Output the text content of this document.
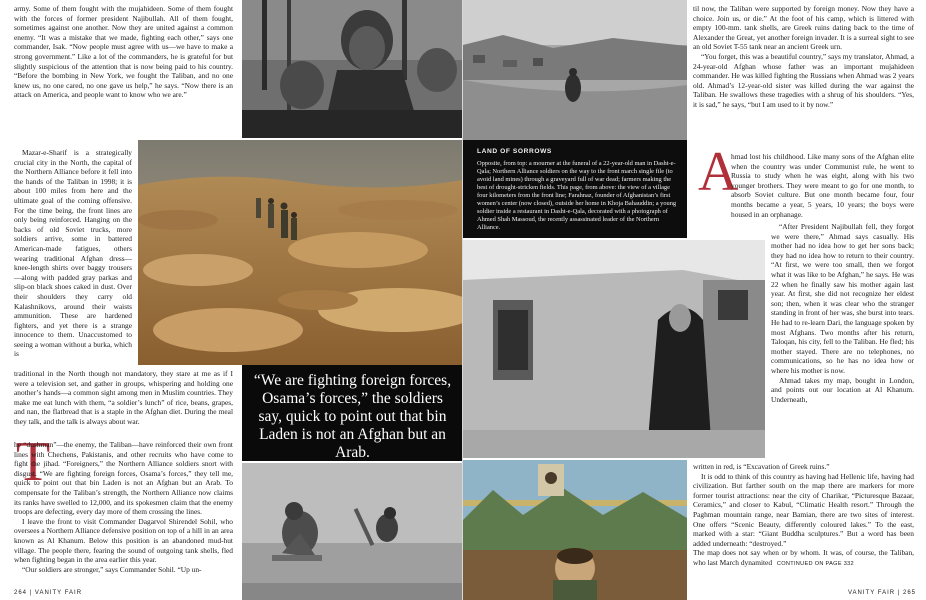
army. Some of them fought with the mujahideen. Some of them fought with the forces of former president Najibullah. All of them fought, sometimes against one another. Now they are united against a common enemy. “It was a mistake that we made, fighting each other,” says one commander, Isak. “Now people must agree with us—we have to make a strong government.” Like a lot of the commanders, he is grateful for but slightly suspicious of the attention that is now being paid to his country. “Before the bombing in New York, we fought the Taliban, and no one knew us, no one cared, no one gave us help,” he says. “Now there is an attack on America, and people want to know who we are.”

Mazar-e-Sharif is a strategically crucial city in the North, the capital of the Northern Alliance before it fell into the hands of the Taliban in 1998; it is about 100 miles from here and the ultimate goal of the coming offensive. For the time being, the front lines are only being reinforced. Hanging on the backs of old Soviet trucks, more soldiers arrive, some in battered American-made fatigues, others wearing traditional Afghan dress—knee-length shirts over baggy trousers—along with padded gray parkas and slip-on black shoes caked in dust. Over their shoulders they carry old Kalashnikovs, around their waists ammunition. These are hardened fighters, and yet there is a strange innocence to them. Unaccustomed to seeing a woman without a burka, which is

traditional in the North though not mandatory, they stare at me as if I were a television set, and gather in groups, whispering and holding one another’s hands—a common sight among men in Muslim countries. They make me eat lunch with them, “a soldier’s lunch” of rice, beans, grapes, and nan, the flatbread that is a staple in the Afghan diet. During the meal they talk, and the talk is always about war.

T

he “dushman”—the enemy, the Taliban—have reinforced their own front lines with Chechens, Pakistanis, and other recruits who have come to fight the jihad. “Foreigners,” the Northern Alliance soldiers snort with disgust. “We are fighting foreign forces, Osama’s forces,” they tell me, quick to point out that bin Laden is not an Afghan but an Arab. To compensate for the Taliban’s strength, the Northern Alliance now claims its ranks have swelled to 12,000, and its spokesmen claim that the enemy troops are defecting, every day more of them crossing the lines.

I leave the front to visit Commander Dagarvol Shirendel Sohil, who oversees a Northern Alliance defensive position on top of a hill in an area known as Al Khanum. Below this position is an abandoned mud-hut village. The people there, fearing the sound of outgoing tank shells, fled when fighting began in the area earlier this year.

“Our soldiers are stronger,” says Commander Sohil. “Up un-

“We are fighting foreign forces, Osama’s forces,” the soldiers say, quick to point out that bin Laden is not an Afghan but an Arab.
264 | VANITY FAIR
LAND OF SORROWS
Opposite, from top: a mourner at the funeral of a 22-year-old man in Dasht-e-Qala; Northern Alliance soldiers on the way to the front march single file (to avoid land mines) through a graveyard full of war dead; farmers making the best of drought-stricken fields. This page, from above: the view of a village four kilometers from the front line; Farahnaz, founder of Afghanistan’s first women’s center (now closed), outside her home in Khoja Bahauddin; a young soldier inside a restaurant in Dasht-e-Qala, decorated with a photograph of Ahmed Shah Massoud, the recently assassinated leader of the Northern Alliance.

til now, the Taliban were supported by foreign money. Now they have a choice. Join us, or die.” At the foot of his camp, which is littered with empty 100-mm. tank shells, are Greek ruins dating back to the time of Alexander the Great, yet another foreign invader. It is a surreal sight to see an old Soviet T-55 tank near an ancient Greek urn.

“You forget, this was a beautiful country,” says my translator, Ahmad, a 24-year-old Afghan whose father was an important mujahideen commander. He was killed fighting the Russians when Ahmad was 2 years old. Ahmad’s 12-year-old sister was killed during the war against the Taliban. He swallows these tragedies with a shrug of his shoulders. “Yes, it is sad,” he says, “but I am used to it by now.”

A

hmad lost his childhood. Like many sons of the Afghan elite when the country was under Communist rule, he went to Russia to study when he was eight, along with his two younger brothers. They were meant to go for one month, to absorb Soviet culture. But one month became four, four months became a year, 5 years, 10 years; the boys were housed in an orphanage.

“After President Najibullah fell, they forgot we were there,” Ahmad says casually. His mother had no idea how to get her sons back; they had no idea how to return to their country. “At first, we were too small, then we forgot what it was like to be Afghan,” he says. He was 22 when he finally saw his mother again last year. At first, she did not recognize her eldest son; then, when it was clear who the stranger standing in front of her was, she burst into tears. He had to re-learn Dari, the language spoken by most Afghans. Two months after his return, Taloqan, his city, fell to the Taliban. He fled; his mother stayed. There are no telephones, no communications, so he has no idea how or where his mother is now.

Ahmad takes my map, bought in London, and points out our location at Al Khanum. Underneath,

written in red, is “Excavation of Greek ruins.”

It is odd to think of this country as having had Hellenic life, having had civilization. But farther south on the map there are markers for more former tourist attractions: near the city of Charikar, “Picturesque Bazaar, Ceramics,” and closer to Kabul, “Climatic Health resort.” Through the Paghman mountain range, near Bamian, there are two sites of interest. One offers “Scenic Beauty, differently coloured lakes.” To the east, marked with a star: “Giant Buddha sculptures.” But a word has been added underneath: “destroyed.”

The map does not say when or by whom. It was, of course, the Taliban, who last March dynamited CONTINUED ON PAGE 332
VANITY FAIR | 265
